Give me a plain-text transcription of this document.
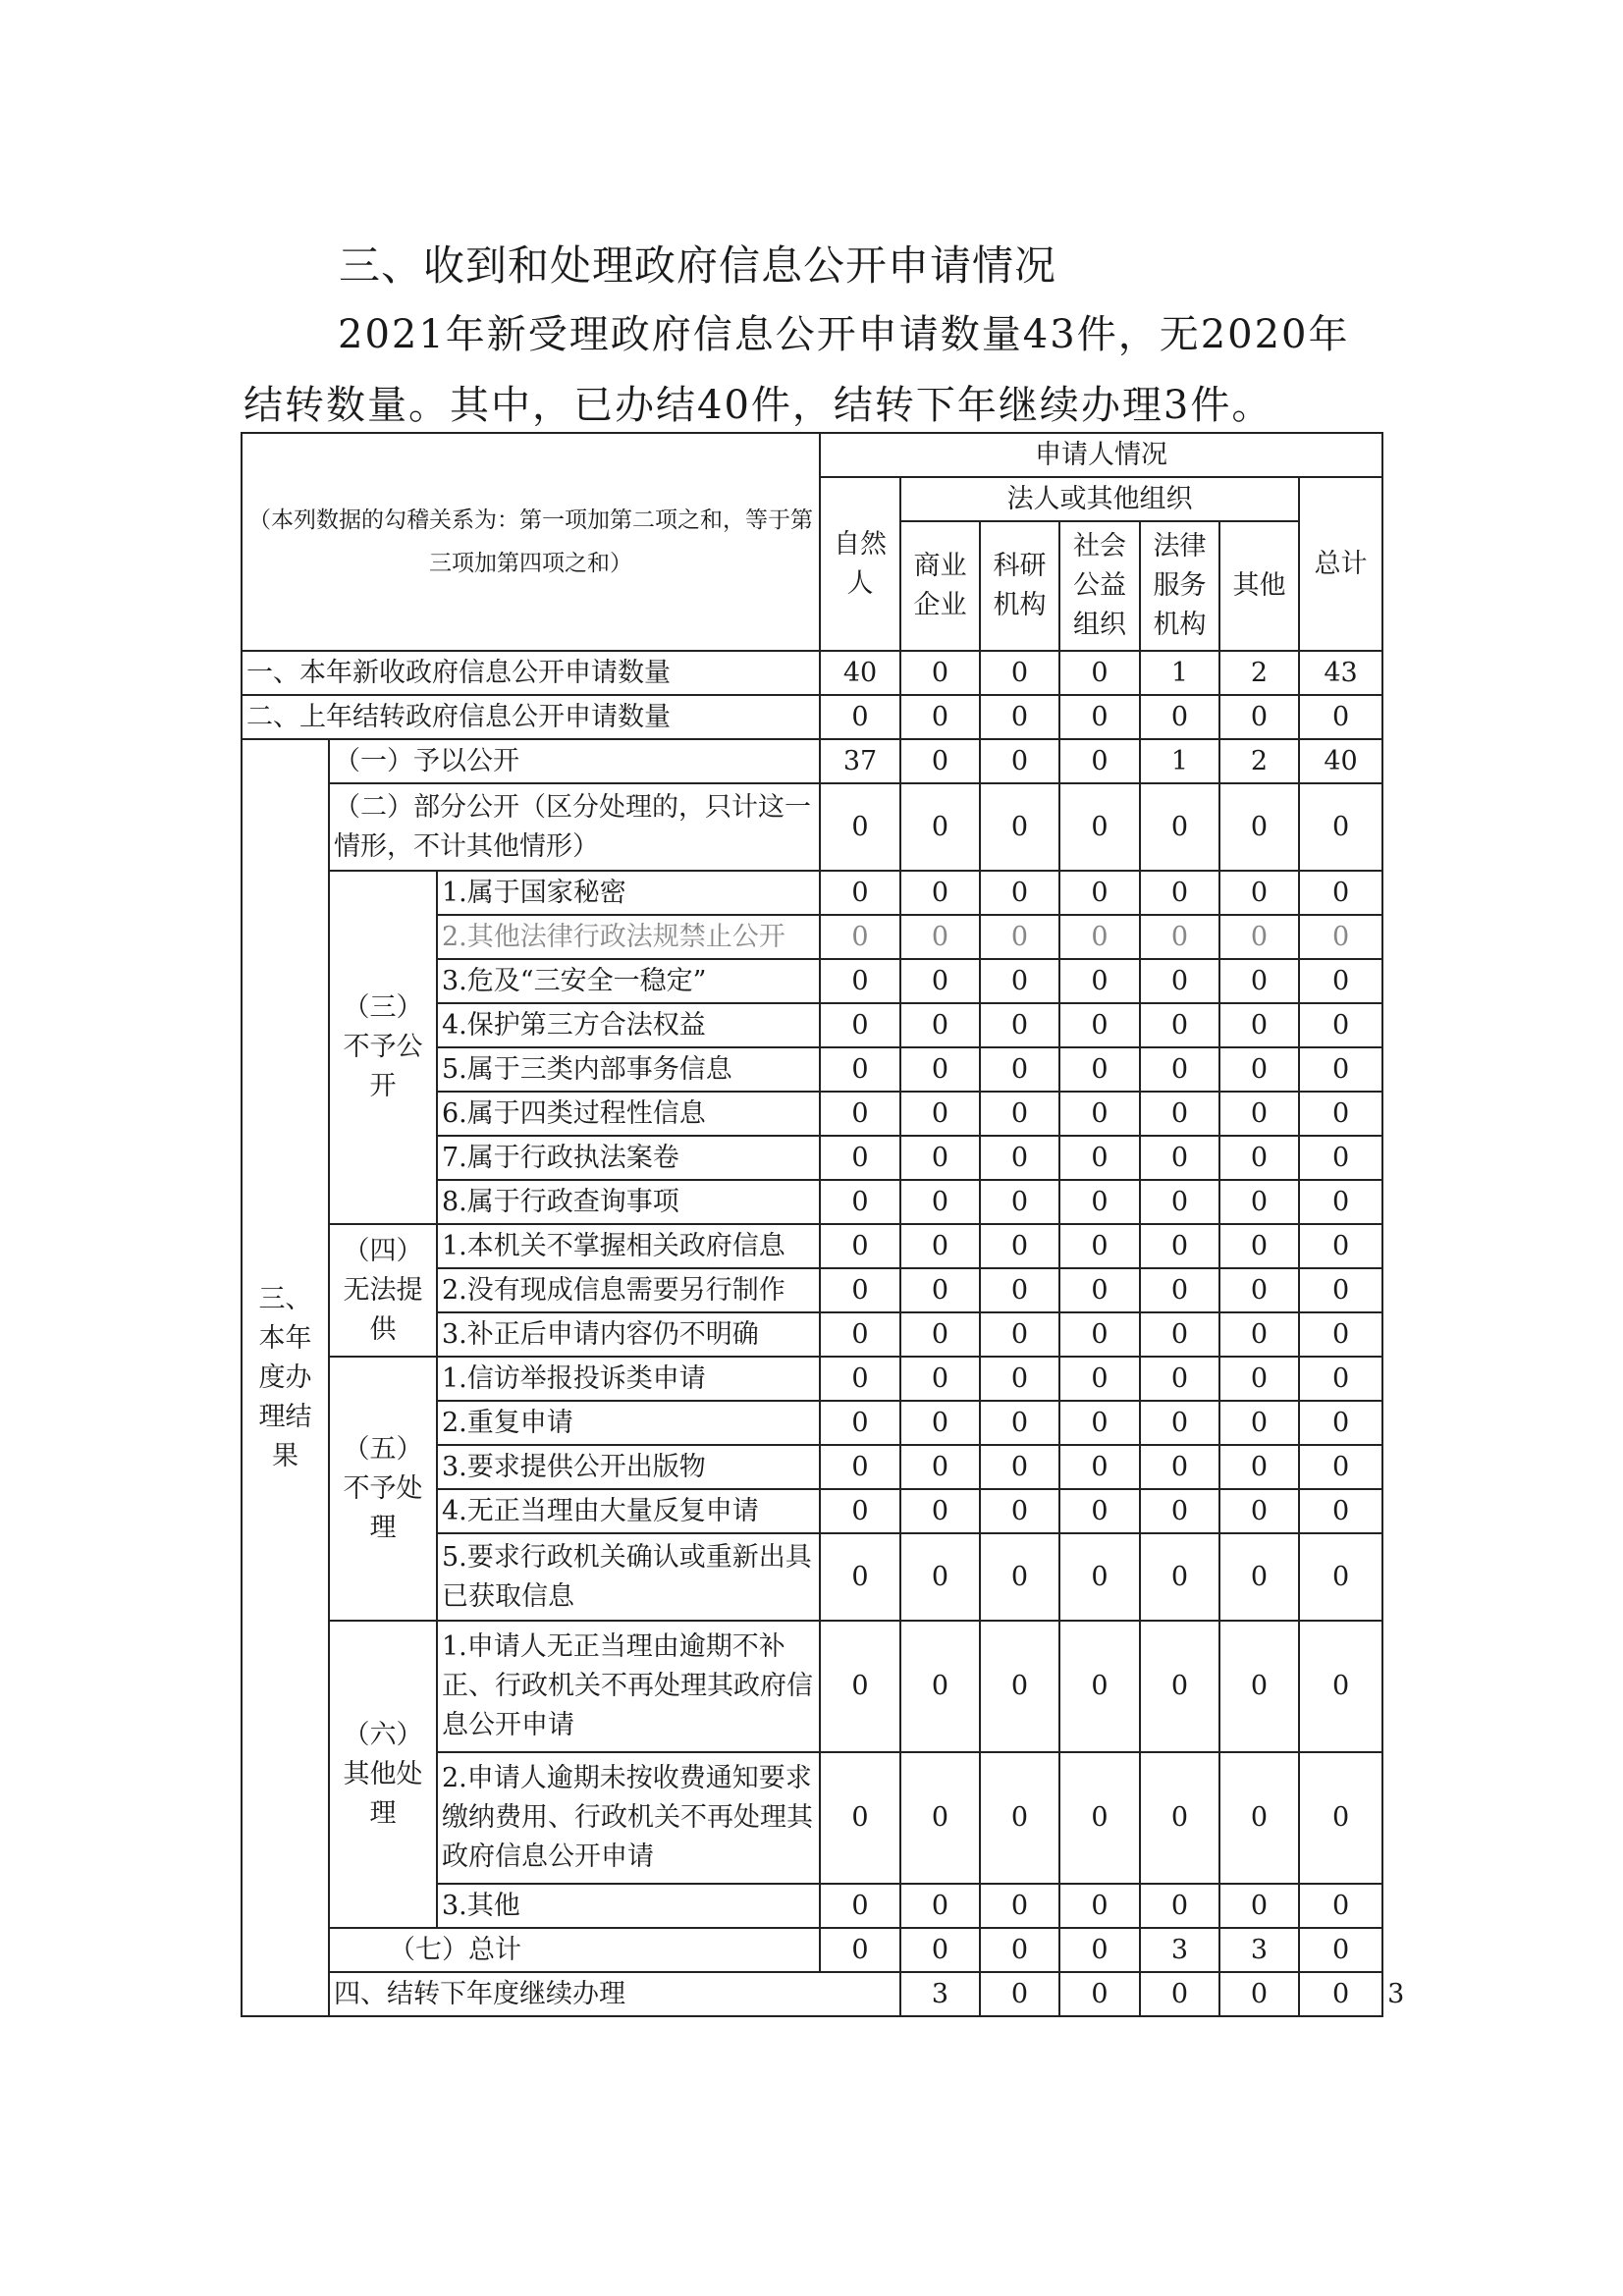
三、收到和处理政府信息公开申请情况

2021年新受理政府信息公开申请数量43件，无2020年结转数量。其中，已办结40件，结转下年继续办理3件。

（本列数据的勾稽关系为：第一项加第二项之和，等于第三项加第四项之和）			申请人情况							
			自然人	法人或其他组织					总计	
				商业企业	科研机构	社会公益组织	法律服务机构	其他		

一、本年新收政府信息公开申请数量			40	0	0	0	1	2	43	
二、上年结转政府信息公开申请数量			0	0	0	0	0	0	0	
三、本年度办理结果	（一）予以公开		37	0	0	0	1	2	40	
	（二）部分公开（区分处理的，只计这一情形，不计其他情形）		0	0	0	0	0	0	0	
	（三）不予公开	1.属于国家秘密	0	0	0	0	0	0	0	
		2.其他法律行政法规禁止公开	0	0	0	0	0	0	0	
		3.危及“三安全一稳定”	0	0	0	0	0	0	0	
		4.保护第三方合法权益	0	0	0	0	0	0	0	
		5.属于三类内部事务信息	0	0	0	0	0	0	0	
		6.属于四类过程性信息	0	0	0	0	0	0	0	
		7.属于行政执法案卷	0	0	0	0	0	0	0	
		8.属于行政查询事项	0	0	0	0	0	0	0	
	（四）无法提供	1.本机关不掌握相关政府信息	0	0	0	0	0	0	0	
		2.没有现成信息需要另行制作	0	0	0	0	0	0	0	
		3.补正后申请内容仍不明确	0	0	0	0	0	0	0	
	（五）不予处理	1.信访举报投诉类申请	0	0	0	0	0	0	0	
		2.重复申请	0	0	0	0	0	0	0	
		3.要求提供公开出版物	0	0	0	0	0	0	0	
		4.无正当理由大量反复申请	0	0	0	0	0	0	0	
		5.要求行政机关确认或重新出具已获取信息	0	0	0	0	0	0	0	
	（六）其他处理	1.申请人无正当理由逾期不补正、行政机关不再处理其政府信息公开申请	0	0	0	0	0	0	0	
		2.申请人逾期未按收费通知要求缴纳费用、行政机关不再处理其政府信息公开申请	0	0	0	0	0	0	0	
		3.其他	0	0	0	0	0	0	0	
	（七）总计		0	0	0	0	3	3	0	
	四、结转下年度继续办理			3	0	0	0	0	0	3
